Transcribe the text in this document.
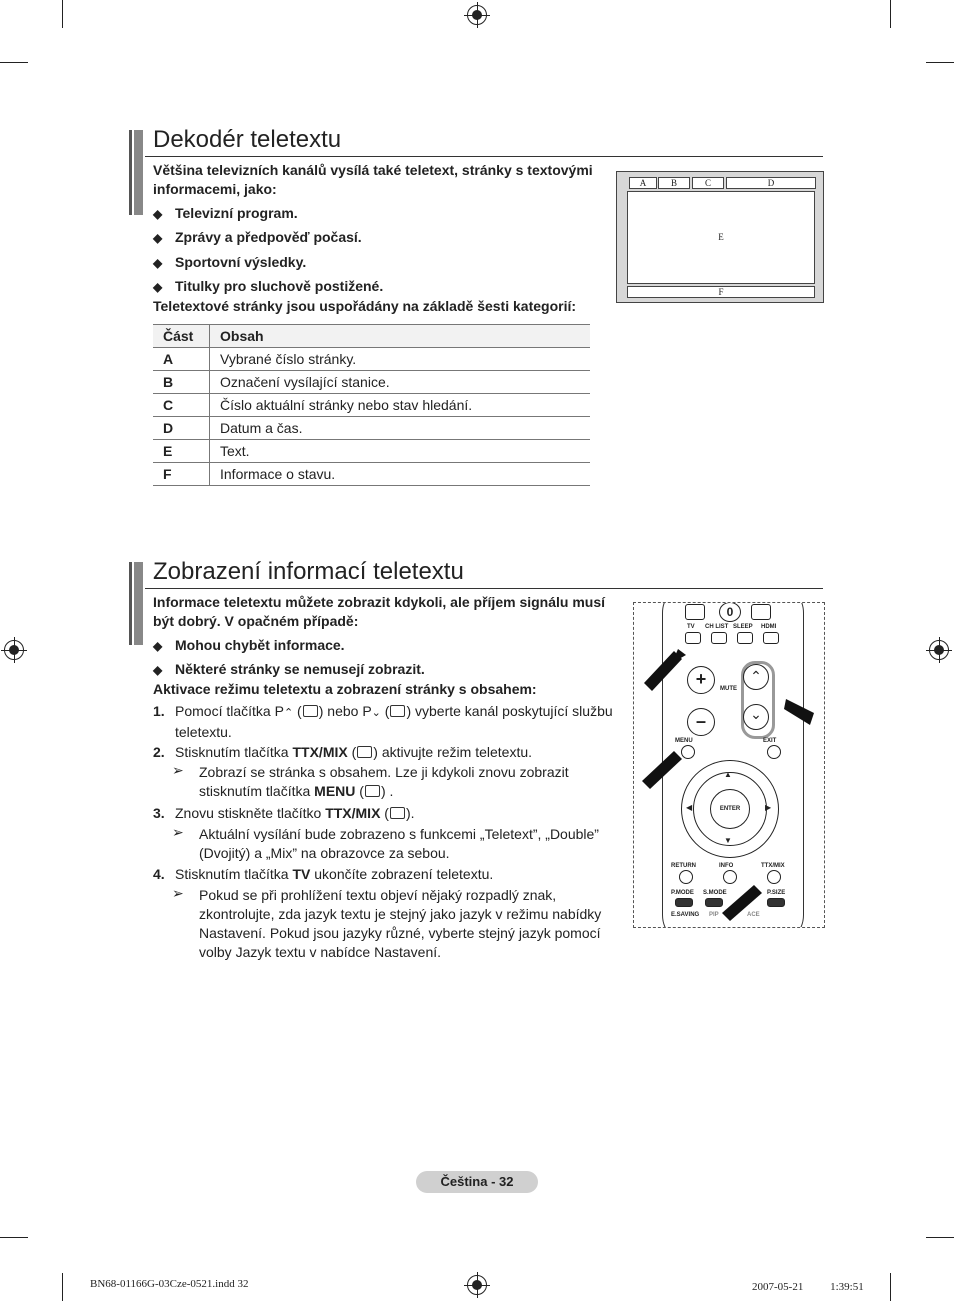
Dekodér teletextu
Většina televizních kanálů vysílá také teletext, stránky s textovými informacemi, jako:
◆ Televizní program.
◆ Zprávy a předpověď počasí.
◆ Sportovní výsledky.
◆ Titulky pro sluchově postižené.
Teletextové stránky jsou uspořádány na základě šesti kategorií:
Část	Obsah
A	Vybrané číslo stránky.
B	Označení vysílající stanice.
C	Číslo aktuální stránky nebo stav hledání.
D	Datum a čas.
E	Text.
F	Informace o stavu.
A	B	C	D
E
F
Zobrazení informací teletextu
Informace teletextu můžete zobrazit kdykoli, ale příjem signálu musí být dobrý. V opačném případě:
◆ Mohou chybět informace.
◆ Některé stránky se nemusejí zobrazit.
Aktivace režimu teletextu a zobrazení stránky s obsahem:
1. Pomocí tlačítka P⌃ ( ) nebo P⌄ ( ) vyberte kanál poskytující službu teletextu.
2. Stisknutím tlačítka TTX/MIX ( ) aktivujte režim teletextu.
➢ Zobrazí se stránka s obsahem. Lze ji kdykoli znovu zobrazit stisknutím tlačítka MENU ( ) .
3. Znovu stiskněte tlačítko TTX/MIX ( ).
➢ Aktuální vysílání bude zobrazeno s funkcemi „Teletext”, „Double” (Dvojitý) a „Mix” na obrazovce za sebou.
4. Stisknutím tlačítka TV ukončíte zobrazení teletextu.
➢ Pokud se při prohlížení textu objeví nějaký rozpadlý znak, zkontrolujte, zda jazyk textu je stejný jako jazyk v režimu nabídky Nastavení. Pokud jsou jazyky různé, vyberte stejný jazyk pomocí volby Jazyk textu v nabídce Nastavení.
0
TV CH LIST SLEEP HDMI
+
–
MUTE
⌃
⌄
MENU	EXIT
ENTER
▲
▼
◀	▶
RETURN	INFO	TTX/MIX
P.MODE S.MODE	P.SIZE
E.SAVING PIP	ACE
Čeština - 32
BN68-01166G-03Cze-0521.indd 32	2007-05-21 ﾠﾠ 1:39:51
